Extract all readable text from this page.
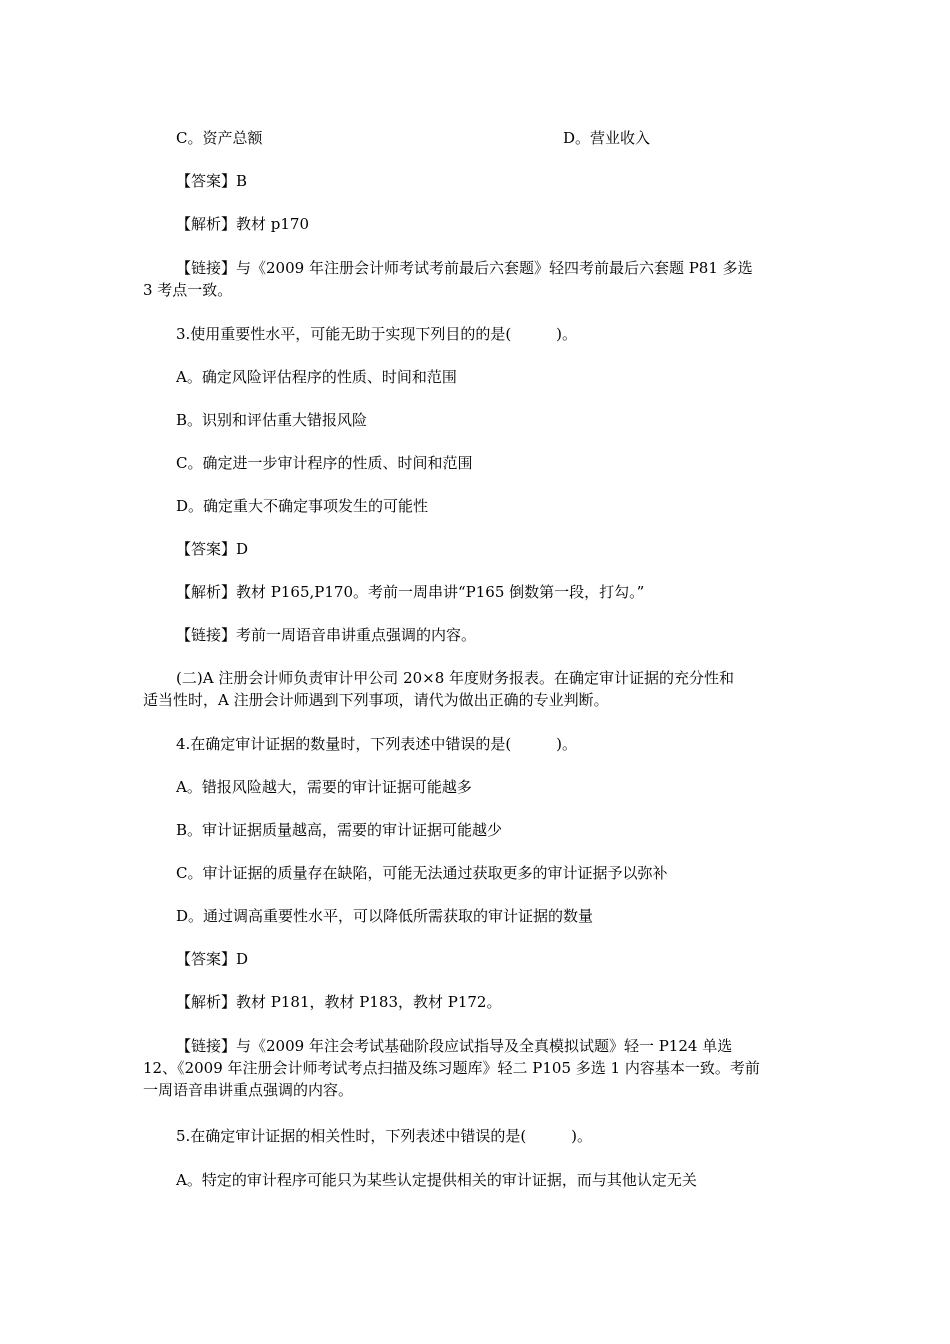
C。资产总额	D。营业收入
【答案】B
【解析】教材 p170
【链接】与《2009 年注册会计师考试考前最后六套题》轻四考前最后六套题 P81 多选
3 考点一致。
3.使用重要性水平，可能无助于实现下列目的的是(　　　)。
A。确定风险评估程序的性质、时间和范围
B。识别和评估重大错报风险
C。确定进一步审计程序的性质、时间和范围
D。确定重大不确定事项发生的可能性
【答案】D
【解析】教材 P165,P170。考前一周串讲“P165 倒数第一段，打勾。”
【链接】考前一周语音串讲重点强调的内容。
(二)A 注册会计师负责审计甲公司 20×8 年度财务报表。在确定审计证据的充分性和
适当性时，A 注册会计师遇到下列事项，请代为做出正确的专业判断。
4.在确定审计证据的数量时，下列表述中错误的是(　　　)。
A。错报风险越大，需要的审计证据可能越多
B。审计证据质量越高，需要的审计证据可能越少
C。审计证据的质量存在缺陷，可能无法通过获取更多的审计证据予以弥补
D。通过调高重要性水平，可以降低所需获取的审计证据的数量
【答案】D
【解析】教材 P181，教材 P183，教材 P172。
【链接】与《2009 年注会考试基础阶段应试指导及全真模拟试题》轻一 P124 单选
12、《2009 年注册会计师考试考点扫描及练习题库》轻二 P105 多选 1 内容基本一致。考前
一周语音串讲重点强调的内容。
5.在确定审计证据的相关性时，下列表述中错误的是(　　　)。
A。特定的审计程序可能只为某些认定提供相关的审计证据，而与其他认定无关
